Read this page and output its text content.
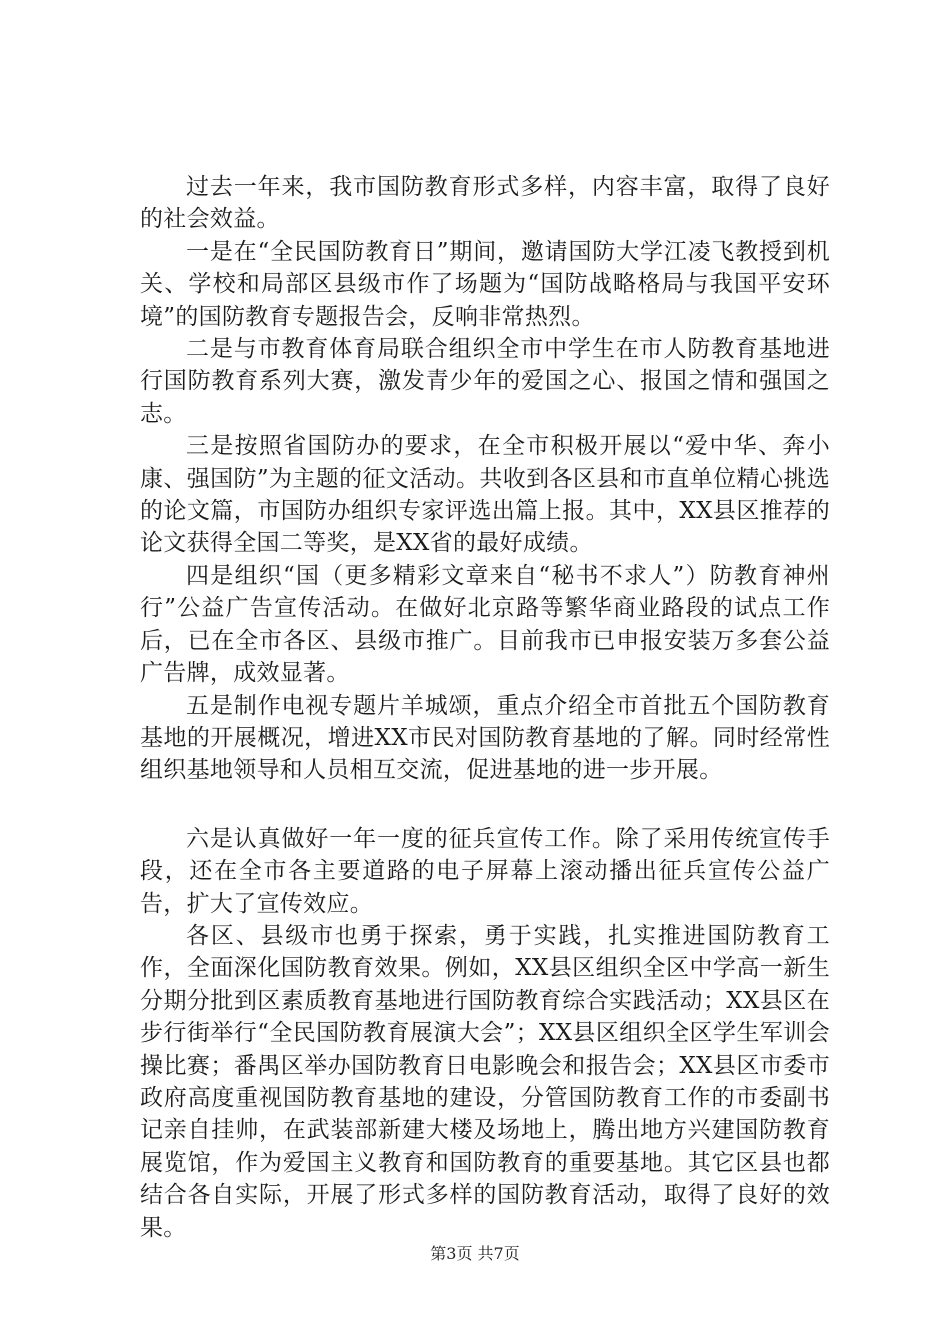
过去一年来，我市国防教育形式多样，内容丰富，取得了良好的社会效益。

一是在“全民国防教育日”期间，邀请国防大学江凌飞教授到机关、学校和局部区县级市作了场题为“国防战略格局与我国平安环境”的国防教育专题报告会，反响非常热烈。

二是与市教育体育局联合组织全市中学生在市人防教育基地进行国防教育系列大赛，激发青少年的爱国之心、报国之情和强国之志。

三是按照省国防办的要求，在全市积极开展以“爱中华、奔小康、强国防”为主题的征文活动。共收到各区县和市直单位精心挑选的论文篇，市国防办组织专家评选出篇上报。其中，XX县区推荐的论文获得全国二等奖，是XX省的最好成绩。

四是组织“国（更多精彩文章来自“秘书不求人”）防教育神州行”公益广告宣传活动。在做好北京路等繁华商业路段的试点工作后，已在全市各区、县级市推广。目前我市已申报安装万多套公益广告牌，成效显著。

五是制作电视专题片羊城颂，重点介绍全市首批五个国防教育基地的开展概况，增进XX市民对国防教育基地的了解。同时经常性组织基地领导和人员相互交流，促进基地的进一步开展。

六是认真做好一年一度的征兵宣传工作。除了采用传统宣传手段，还在全市各主要道路的电子屏幕上滚动播出征兵宣传公益广告，扩大了宣传效应。

各区、县级市也勇于探索，勇于实践，扎实推进国防教育工作，全面深化国防教育效果。例如，XX县区组织全区中学高一新生分期分批到区素质教育基地进行国防教育综合实践活动；XX县区在步行街举行“全民国防教育展演大会”；XX县区组织全区学生军训会操比赛；番禺区举办国防教育日电影晚会和报告会；XX县区市委市政府高度重视国防教育基地的建设，分管国防教育工作的市委副书记亲自挂帅，在武装部新建大楼及场地上，腾出地方兴建国防教育展览馆，作为爱国主义教育和国防教育的重要基地。其它区县也都结合各自实际，开展了形式多样的国防教育活动，取得了良好的效果。

第3页 共7页
